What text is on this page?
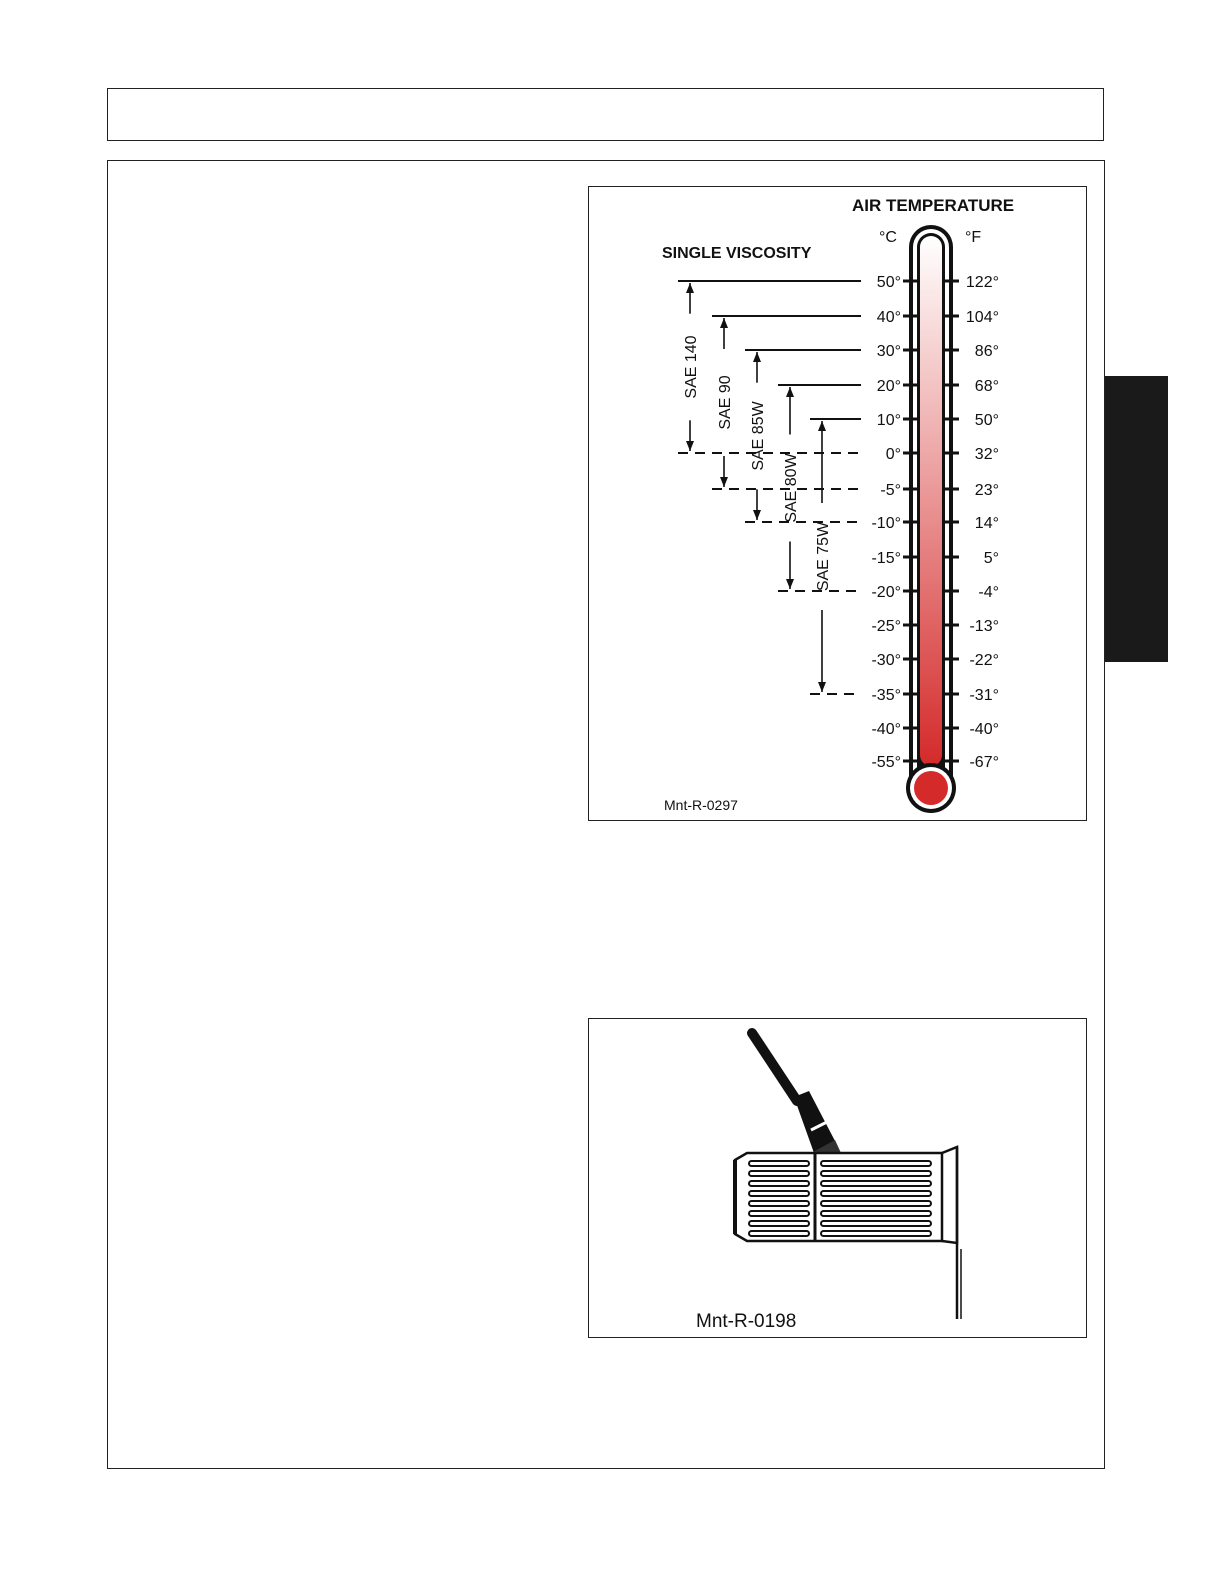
AIR TEMPERATURE
SINGLE VISCOSITY
°C	°F
50°	122°
40°	104°
30°	86°
20°	68°
10°	50°
0°	32°
-5°	23°
-10°	14°
-15°	5°
-20°	-4°
-25°	-13°
-30°	-22°
-35°	-31°
-40°	-40°
-55°	-67°
SAE 140
SAE 90 SAE 85W
SAE 80W
SAE 75W
Mnt-R-0297
Mnt-R-0198
